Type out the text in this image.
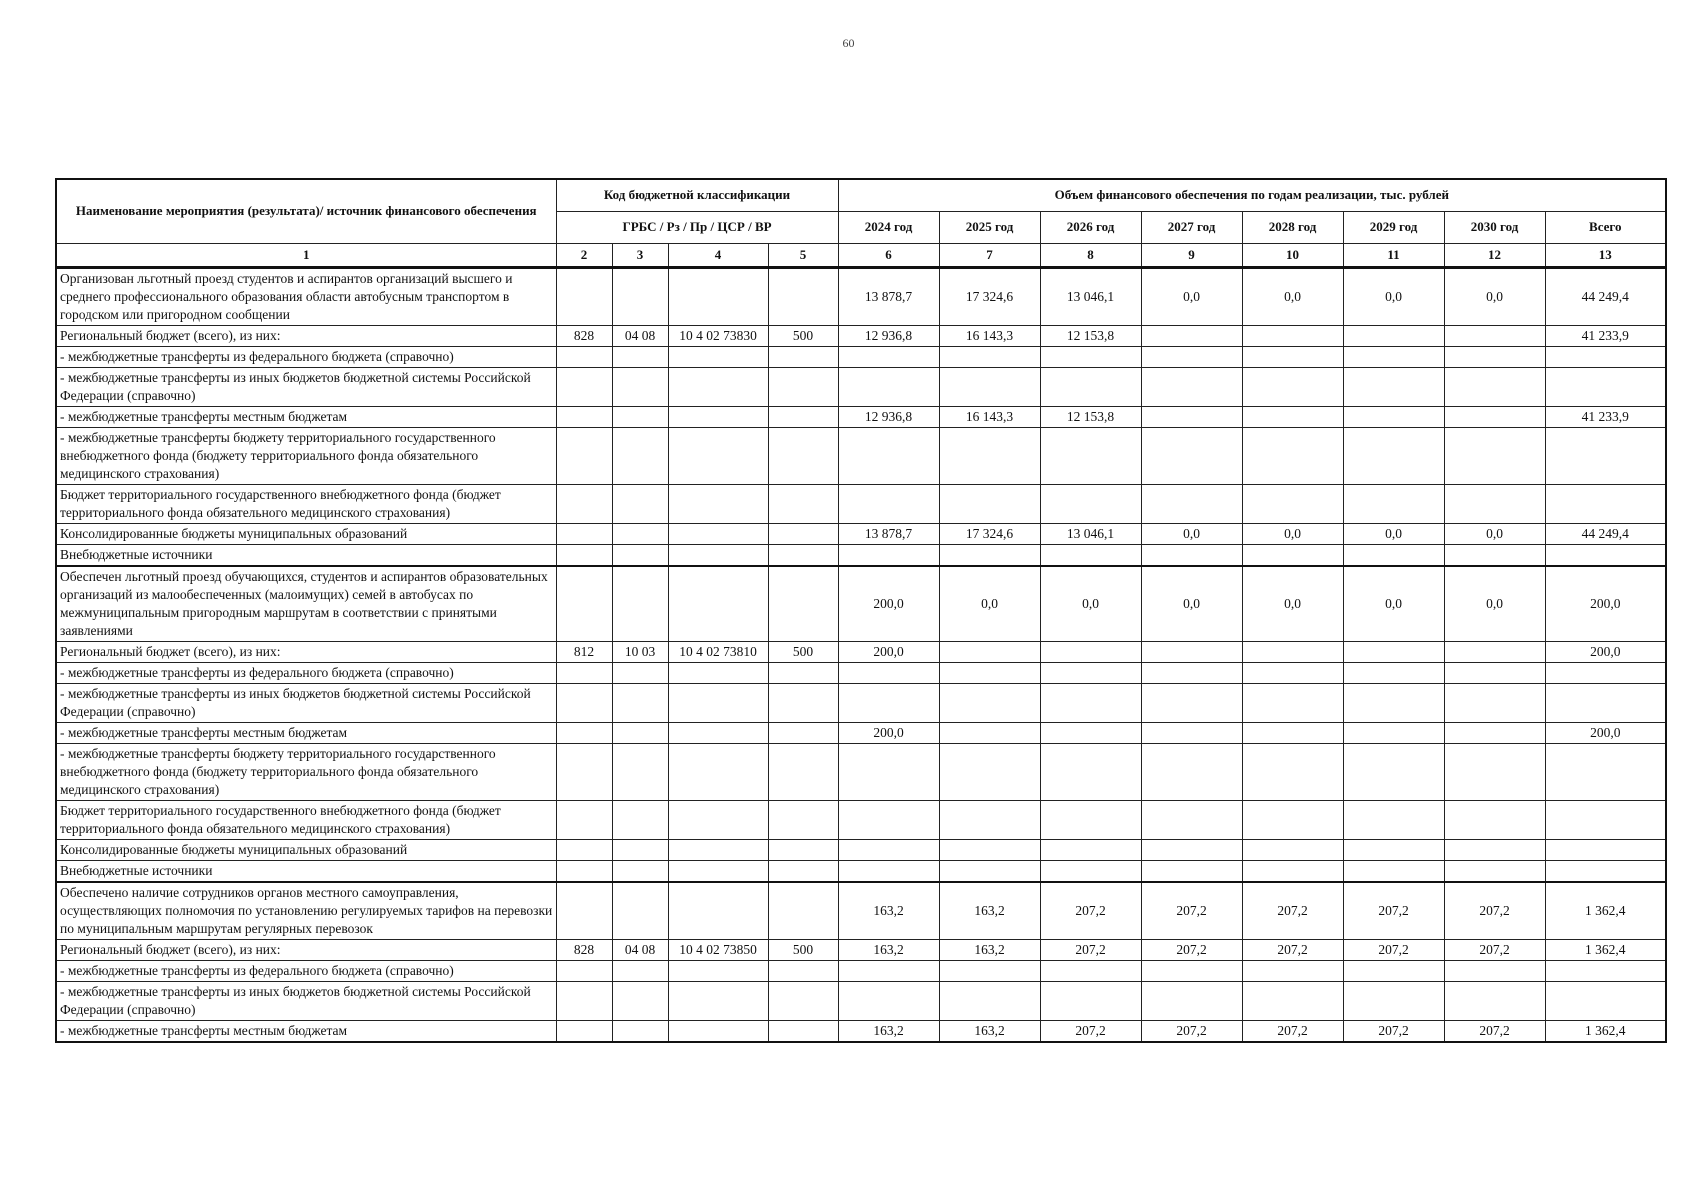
60
Наименование мероприятия (результата)/ источник финансового обеспечения	Код бюджетной классификации				Объем финансового обеспечения по годам реализации, тыс. рублей							
	ГРБС / Рз / Пр / ЦСР / ВР				2024 год	2025 год	2026 год	2027 год	2028 год	2029 год	2030 год	Всего
1	2	3	4	5	6	7	8	9	10	11	12	13
Организован льготный проезд студентов и аспирантов организаций высшего и среднего профессионального образования области автобусным транспортом в городском или пригородном сообщении					13 878,7	17 324,6	13 046,1	0,0	0,0	0,0	0,0	44 249,4
Региональный бюджет (всего), из них:	828	04 08	10 4 02 73830	500	12 936,8	16 143,3	12 153,8					41 233,9
- межбюджетные трансферты из федерального бюджета (справочно)												
- межбюджетные трансферты из иных бюджетов бюджетной системы Российской Федерации (справочно)												
- межбюджетные трансферты местным бюджетам					12 936,8	16 143,3	12 153,8					41 233,9
- межбюджетные трансферты бюджету территориального государственного внебюджетного фонда (бюджету территориального фонда обязательного медицинского страхования)												
Бюджет территориального государственного внебюджетного фонда (бюджет территориального фонда обязательного медицинского страхования)												
Консолидированные бюджеты муниципальных образований					13 878,7	17 324,6	13 046,1	0,0	0,0	0,0	0,0	44 249,4
Внебюджетные источники												
Обеспечен льготный проезд обучающихся, студентов и аспирантов образовательных организаций из малообеспеченных (малоимущих) семей в автобусах по межмуниципальным пригородным маршрутам в соответствии с принятыми заявлениями					200,0	0,0	0,0	0,0	0,0	0,0	0,0	200,0
Региональный бюджет (всего), из них:	812	10 03	10 4 02 73810	500	200,0							200,0
- межбюджетные трансферты из федерального бюджета (справочно)												
- межбюджетные трансферты из иных бюджетов бюджетной системы Российской Федерации (справочно)												
- межбюджетные трансферты местным бюджетам					200,0							200,0
- межбюджетные трансферты бюджету территориального государственного внебюджетного фонда (бюджету территориального фонда обязательного медицинского страхования)												
Бюджет территориального государственного внебюджетного фонда (бюджет территориального фонда обязательного медицинского страхования)												
Консолидированные бюджеты муниципальных образований												
Внебюджетные источники												
Обеспечено наличие сотрудников органов местного самоуправления, осуществляющих полномочия по установлению регулируемых тарифов на перевозки по муниципальным маршрутам регулярных перевозок					163,2	163,2	207,2	207,2	207,2	207,2	207,2	1 362,4
Региональный бюджет (всего), из них:	828	04 08	10 4 02 73850	500	163,2	163,2	207,2	207,2	207,2	207,2	207,2	1 362,4
- межбюджетные трансферты из федерального бюджета (справочно)												
- межбюджетные трансферты из иных бюджетов бюджетной системы Российской Федерации (справочно)												
- межбюджетные трансферты местным бюджетам					163,2	163,2	207,2	207,2	207,2	207,2	207,2	1 362,4
